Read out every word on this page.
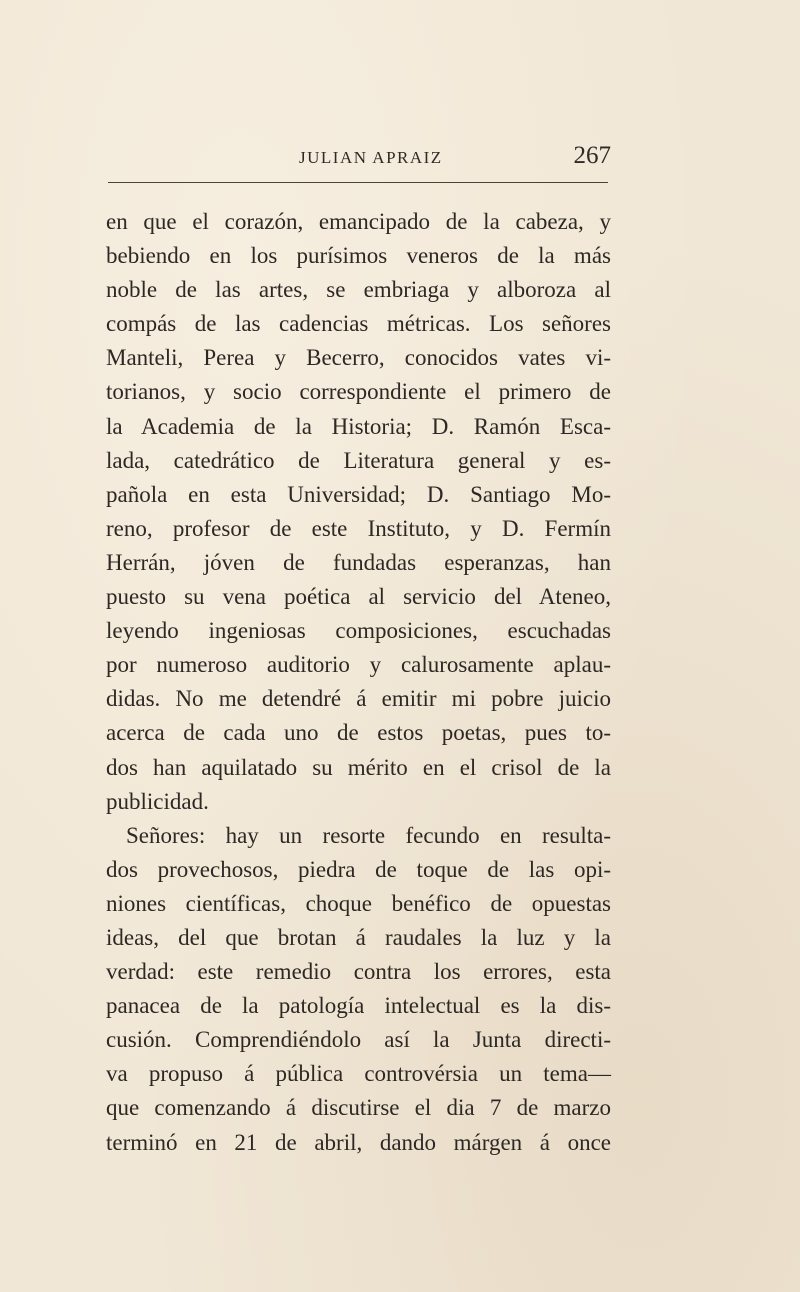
JULIAN APRAIZ	267
en que el corazón, emancipado de la cabeza, y
bebiendo en los purísimos veneros de la más
noble de las artes, se embriaga y alboroza al
compás de las cadencias métricas. Los señores
Manteli, Perea y Becerro, conocidos vates vi-
torianos, y socio correspondiente el primero de
la Academia de la Historia; D. Ramón Esca-
lada, catedrático de Literatura general y es-
pañola en esta Universidad; D. Santiago Mo-
reno, profesor de este Instituto, y D. Fermín
Herrán, jóven de fundadas esperanzas, han
puesto su vena poética al servicio del Ateneo,
leyendo ingeniosas composiciones, escuchadas
por numeroso auditorio y calurosamente aplau-
didas. No me detendré á emitir mi pobre juicio
acerca de cada uno de estos poetas, pues to-
dos han aquilatado su mérito en el crisol de la
publicidad.
Señores: hay un resorte fecundo en resulta-
dos provechosos, piedra de toque de las opi-
niones científicas, choque benéfico de opuestas
ideas, del que brotan á raudales la luz y la
verdad: este remedio contra los errores, esta
panacea de la patología intelectual es la dis-
cusión. Comprendiéndolo así la Junta directi-
va propuso á pública controvérsia un tema—
que comenzando á discutirse el dia 7 de marzo
terminó en 21 de abril, dando márgen á once
